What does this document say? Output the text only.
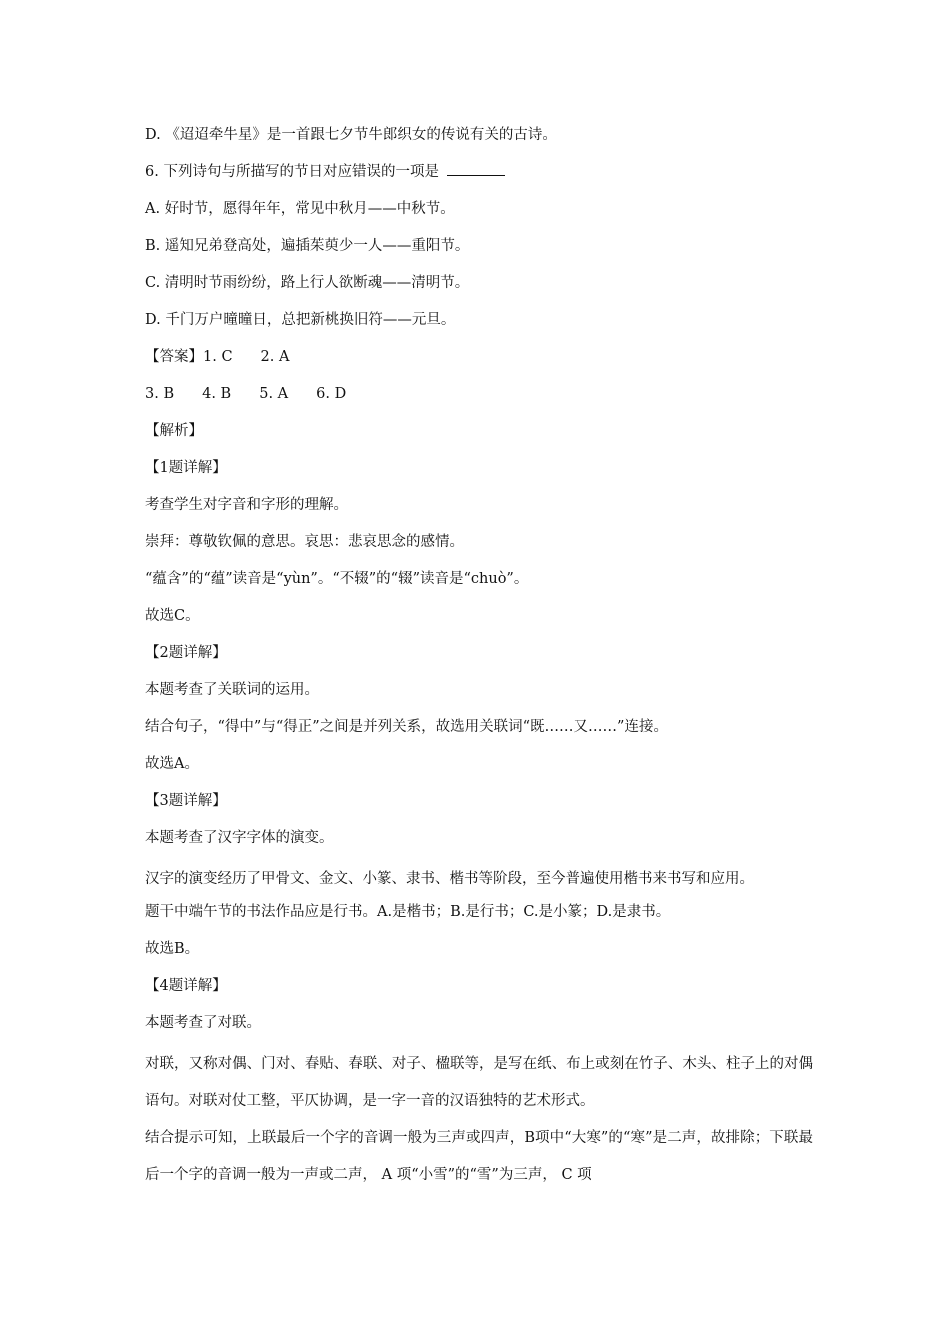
D. 《迢迢牵牛星》是一首跟七夕节牛郎织女的传说有关的古诗。
6. 下列诗句与所描写的节日对应错误的一项是
A. 好时节，愿得年年，常见中秋月——中秋节。
B. 遥知兄弟登高处，遍插茱萸少一人——重阳节。
C. 清明时节雨纷纷，路上行人欲断魂——清明节。
D. 千门万户曈曈日，总把新桃换旧符——元旦。
【答案】1. C 2. A
3. B 4. B 5. A 6. D
【解析】
【1题详解】
考查学生对字音和字形的理解。
崇拜：尊敬钦佩的意思。哀思：悲哀思念的感情。
“蕴含”的“蕴”读音是“yùn”。“不辍”的“辍”读音是“chuò”。
故选C。
【2题详解】
本题考查了关联词的运用。
结合句子，“得中”与“得正”之间是并列关系，故选用关联词“既……又……”连接。
故选A。
【3题详解】
本题考查了汉字字体的演变。
汉字的演变经历了甲骨文、金文、小篆、隶书、楷书等阶段，至今普遍使用楷书来书写和应用。
题干中端午节的书法作品应是行书。A.是楷书；B.是行书；C.是小篆；D.是隶书。
故选B。
【4题详解】
本题考查了对联。
对联，又称对偶、门对、春贴、春联、对子、楹联等，是写在纸、布上或刻在竹子、木头、柱子上的对偶语句。对联对仗工整，平仄协调，是一字一音的汉语独特的艺术形式。
结合提示可知，上联最后一个字的音调一般为三声或四声，B项中“大寒”的“寒”是二声，故排除；下联最后一个字的音调一般为一声或二声， A 项“小雪”的“雪”为三声， C 项
